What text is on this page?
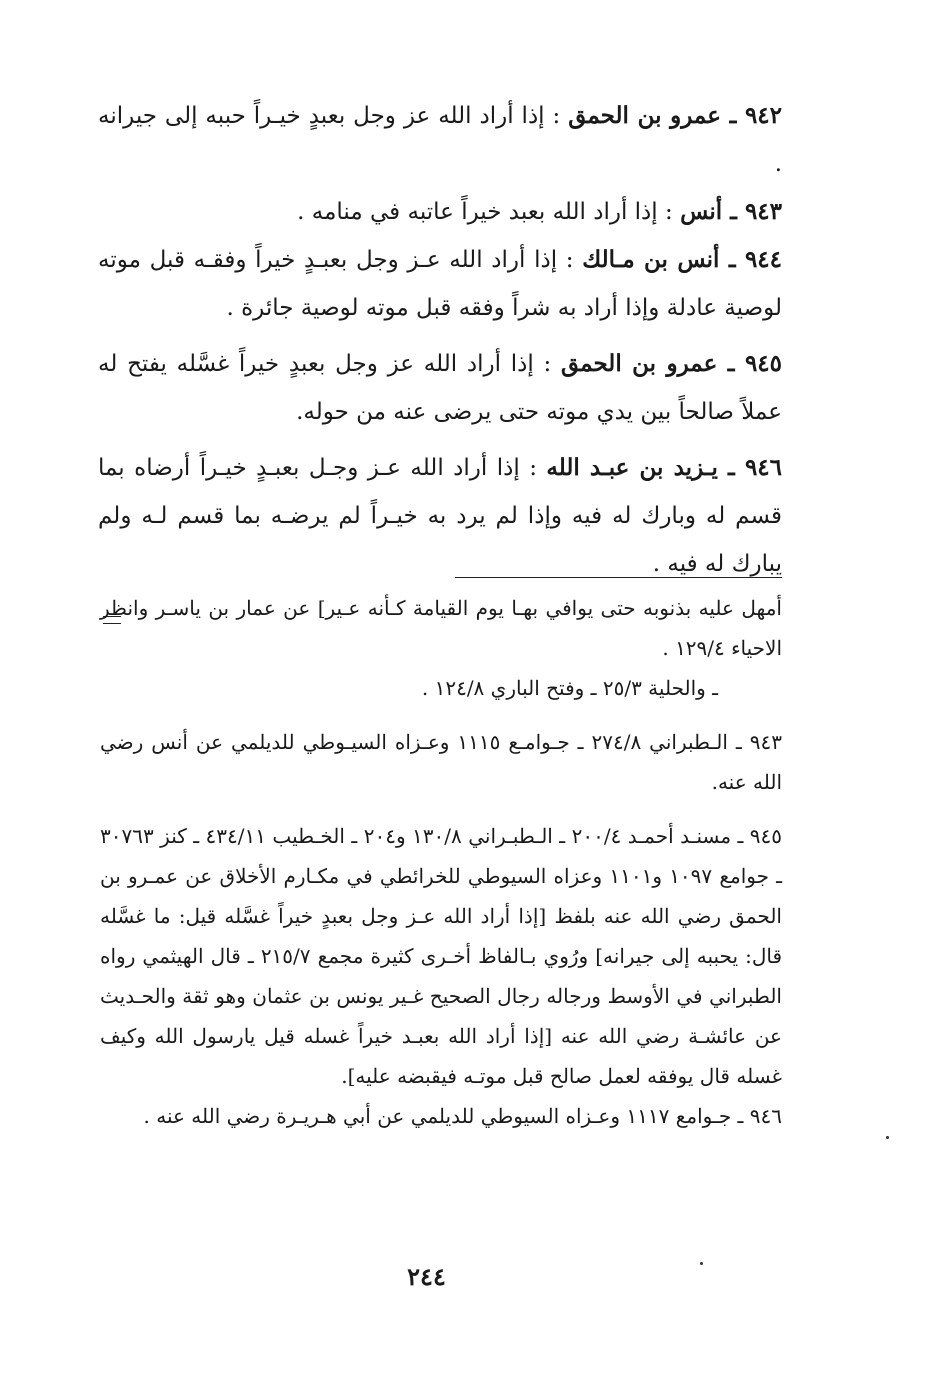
٩٤٢ ـ عمرو بن الحمق : إذا أراد الله عز وجل بعبدٍ خيـراً حببه إلى جيرانه .

٩٤٣ ـ أنس : إذا أراد الله بعبد خيراً عاتبه في منامه .

٩٤٤ ـ أنس بن مـالك : إذا أراد الله عـز وجل بعبـدٍ خيراً وفقـه قبل موته لوصية عادلة وإذا أراد به شراً وفقه قبل موته لوصية جائرة .

٩٤٥ ـ عمرو بن الحمق : إذا أراد الله عز وجل بعبدٍ خيراً غسَّله يفتح له عملاً صالحاً بين يدي موته حتى يرضى عنه من حوله.

٩٤٦ ـ يـزيد بن عبـد الله : إذا أراد الله عـز وجـل بعبـدٍ خيـراً أرضاه بما قسم له وبارك له فيه وإذا لم يرد به خيـراً لم يرضـه بما قسم لـه ولم يبارك له فيه .

أمهل عليه بذنوبه حتى يوافي بهـا يوم القيامة كـأنه عـير] عن عمار بن ياسـر وانظر الاحياء ١٢٩/٤ .

ـ والحلية ٢٥/٣ ـ وفتح الباري ١٢٤/٨ .

٩٤٣ ـ الـطبراني ٢٧٤/٨ ـ جـوامـع ١١١٥ وعـزاه السيـوطي للديلمي عن أنس رضي الله عنه.

٩٤٥ ـ مسنـد أحمـد ٢٠٠/٤ ـ الـطبـراني ١٣٠/٨ و٢٠٤ ـ الخـطيب ٤٣٤/١١ ـ كنز ٣٠٧٦٣ ـ جوامع ١٠٩٧ و١١٠١ وعزاه السيوطي للخرائطي في مكـارم الأخلاق عن عمـرو بن الحمق رضي الله عنه بلفظ [إذا أراد الله عـز وجل بعبدٍ خيراً غسَّله قيل: ما غسَّله قال: يحببه إلى جيرانه] ورُوي بـالفاظ أخـرى كثيرة مجمع ٢١٥/٧ ـ قال الهيثمي رواه الطبراني في الأوسط ورجاله رجال الصحيح غـير يونس بن عثمان وهو ثقة والحـديث عن عائشـة رضي الله عنه [إذا أراد الله بعبـد خيراً غسله قيل يارسول الله وكيف غسله قال يوفقه لعمل صالح قبل موتـه فيقبضه عليه].

٩٤٦ ـ جـوامع ١١١٧ وعـزاه السيوطي للديلمي عن أبي هـريـرة رضي الله عنه .

٢٤٤
